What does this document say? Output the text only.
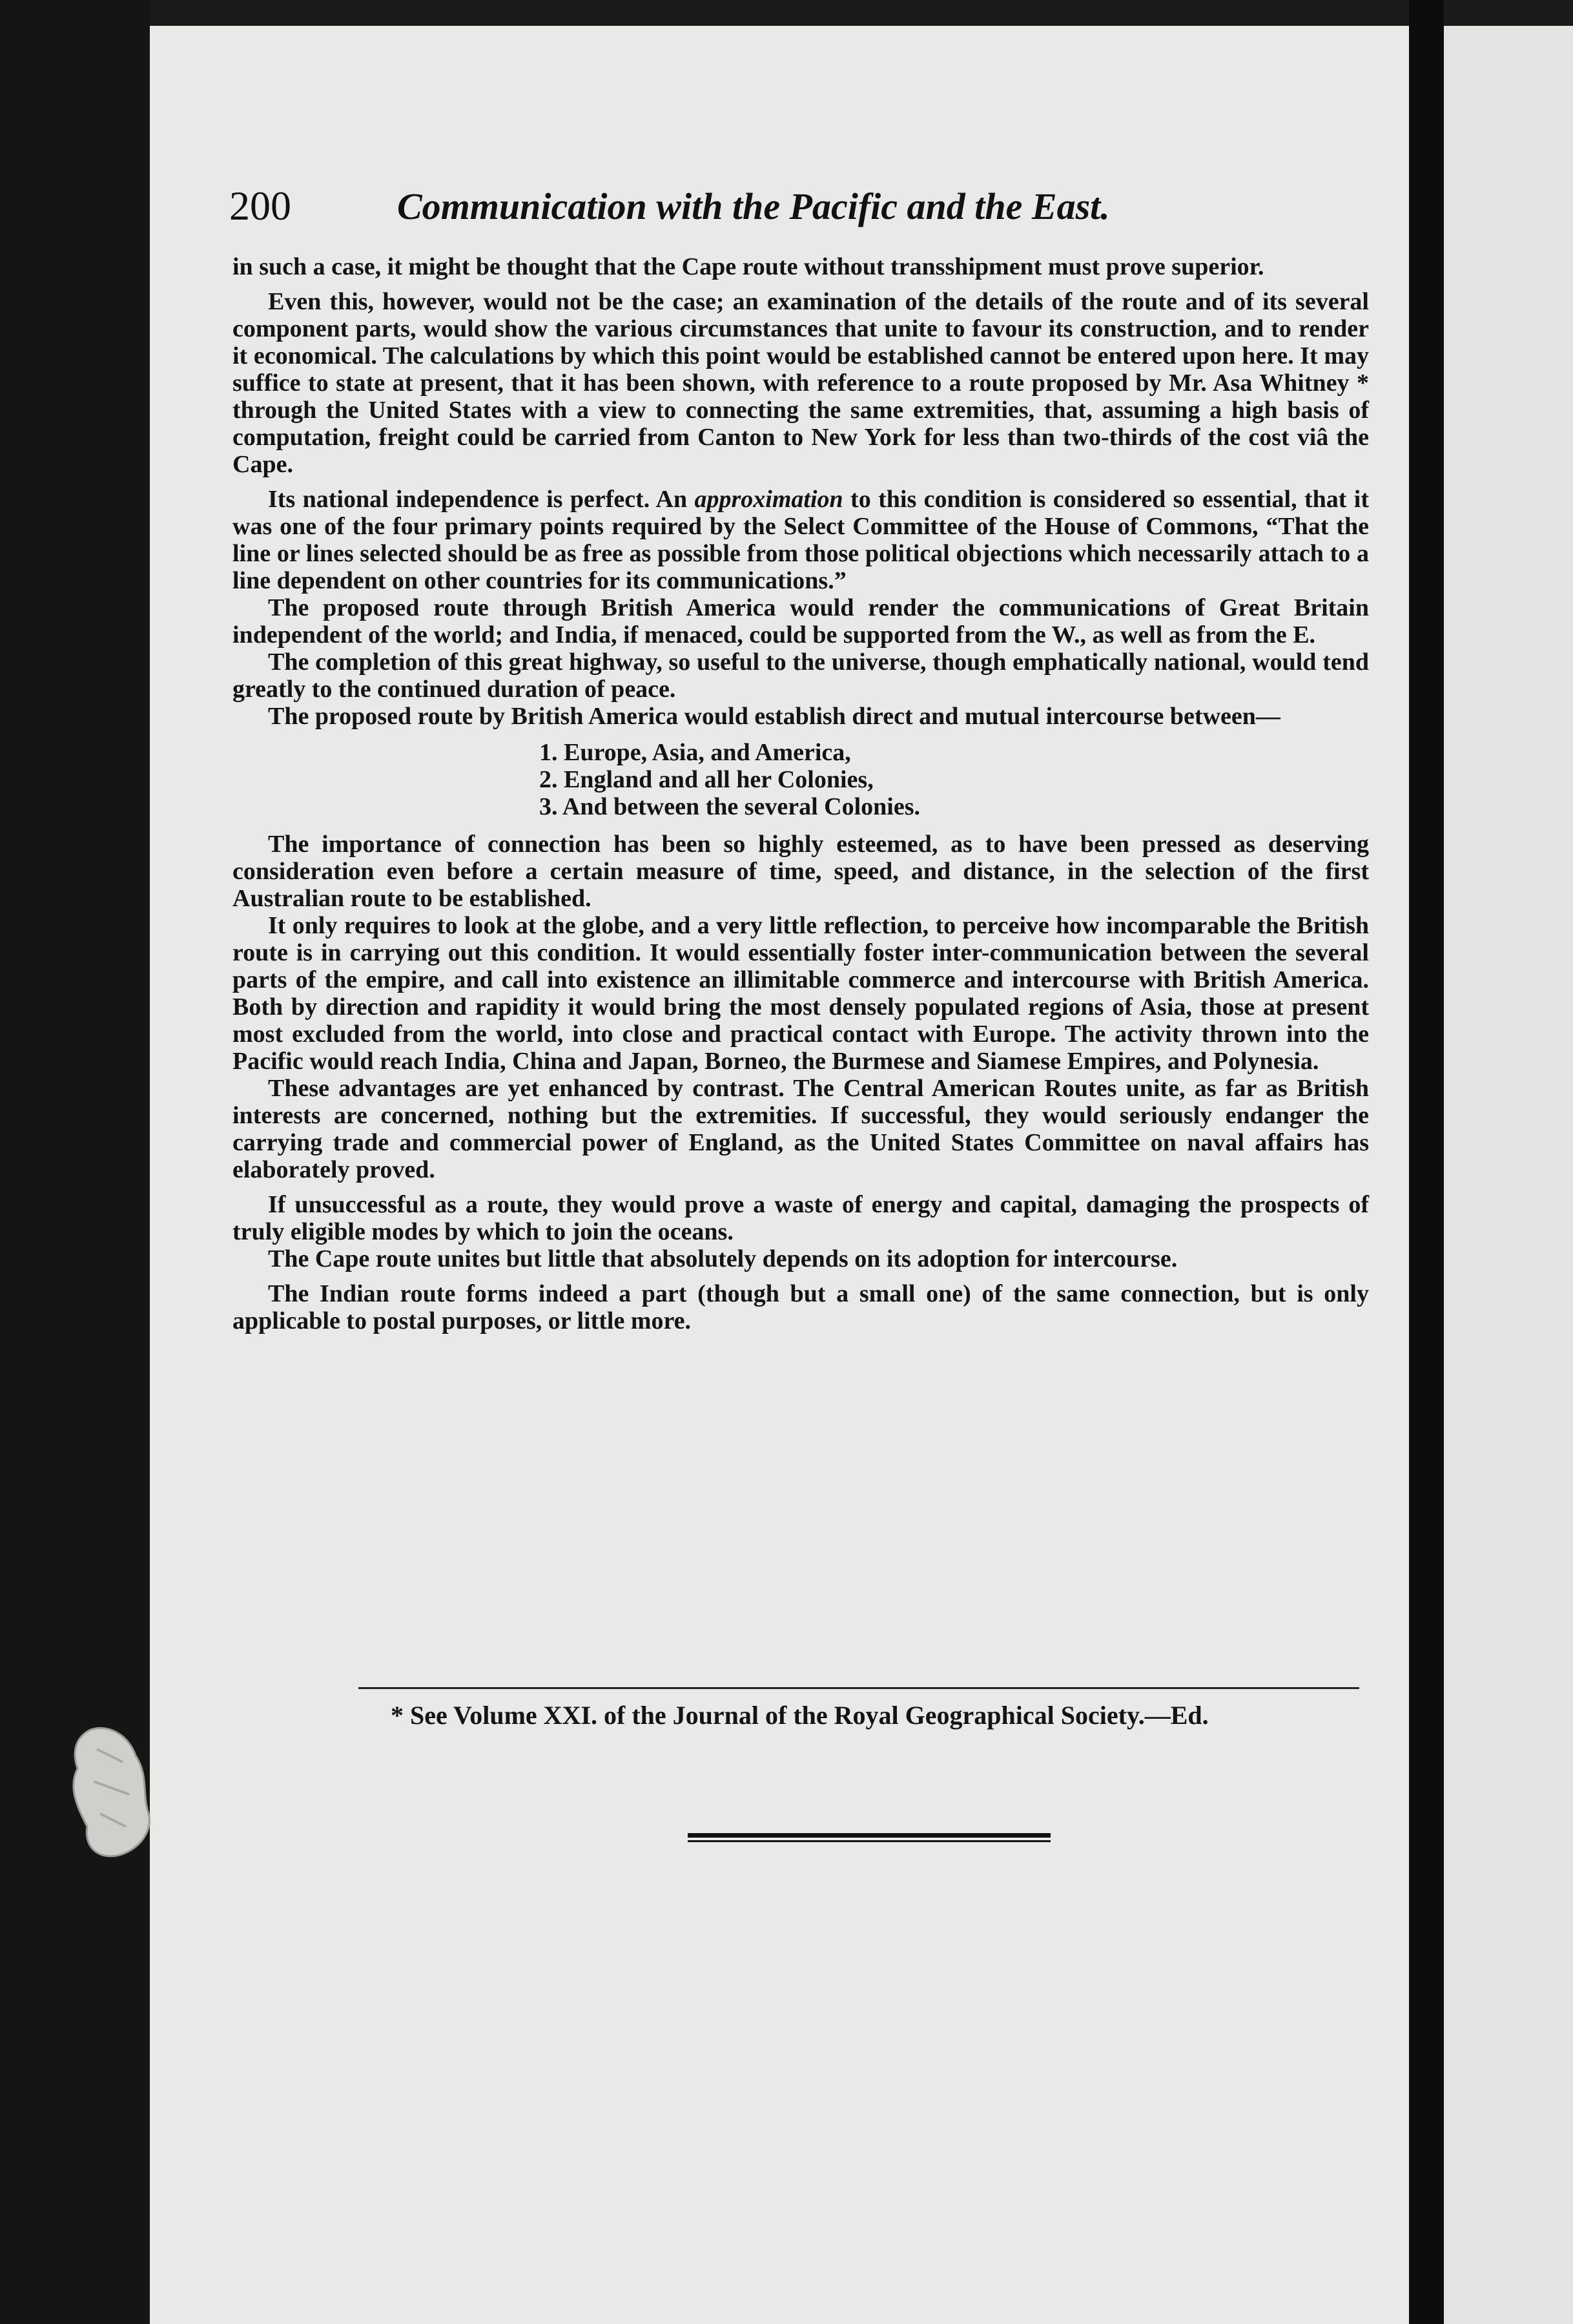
200	Communication with the Pacific and the East.

in such a case, it might be thought that the Cape route without transshipment must prove superior.

Even this, however, would not be the case; an examination of the details of the route and of its several component parts, would show the various circumstances that unite to favour its construction, and to render it economical. The calculations by which this point would be established cannot be entered upon here. It may suffice to state at present, that it has been shown, with reference to a route proposed by Mr. Asa Whitney * through the United States with a view to connecting the same extremities, that, assuming a high basis of computation, freight could be carried from Canton to New York for less than two-thirds of the cost viâ the Cape.

Its national independence is perfect. An approximation to this condition is considered so essential, that it was one of the four primary points required by the Select Committee of the House of Commons, “That the line or lines selected should be as free as possible from those political objections which necessarily attach to a line dependent on other countries for its communications.”

The proposed route through British America would render the communications of Great Britain independent of the world; and India, if menaced, could be supported from the W., as well as from the E.

The completion of this great highway, so useful to the universe, though emphatically national, would tend greatly to the continued duration of peace.

The proposed route by British America would establish direct and mutual intercourse between—

1. Europe, Asia, and America,
2. England and all her Colonies,
3. And between the several Colonies.

The importance of connection has been so highly esteemed, as to have been pressed as deserving consideration even before a certain measure of time, speed, and distance, in the selection of the first Australian route to be established.

It only requires to look at the globe, and a very little reflection, to perceive how incomparable the British route is in carrying out this condition. It would essentially foster inter-communication between the several parts of the empire, and call into existence an illimitable commerce and intercourse with British America. Both by direction and rapidity it would bring the most densely populated regions of Asia, those at present most excluded from the world, into close and practical contact with Europe. The activity thrown into the Pacific would reach India, China and Japan, Borneo, the Burmese and Siamese Empires, and Polynesia.

These advantages are yet enhanced by contrast. The Central American Routes unite, as far as British interests are concerned, nothing but the extremities. If successful, they would seriously endanger the carrying trade and commercial power of England, as the United States Committee on naval affairs has elaborately proved.

If unsuccessful as a route, they would prove a waste of energy and capital, damaging the prospects of truly eligible modes by which to join the oceans.

The Cape route unites but little that absolutely depends on its adoption for intercourse.

The Indian route forms indeed a part (though but a small one) of the same connection, but is only applicable to postal purposes, or little more.

* See Volume XXI. of the Journal of the Royal Geographical Society.—Ed.
